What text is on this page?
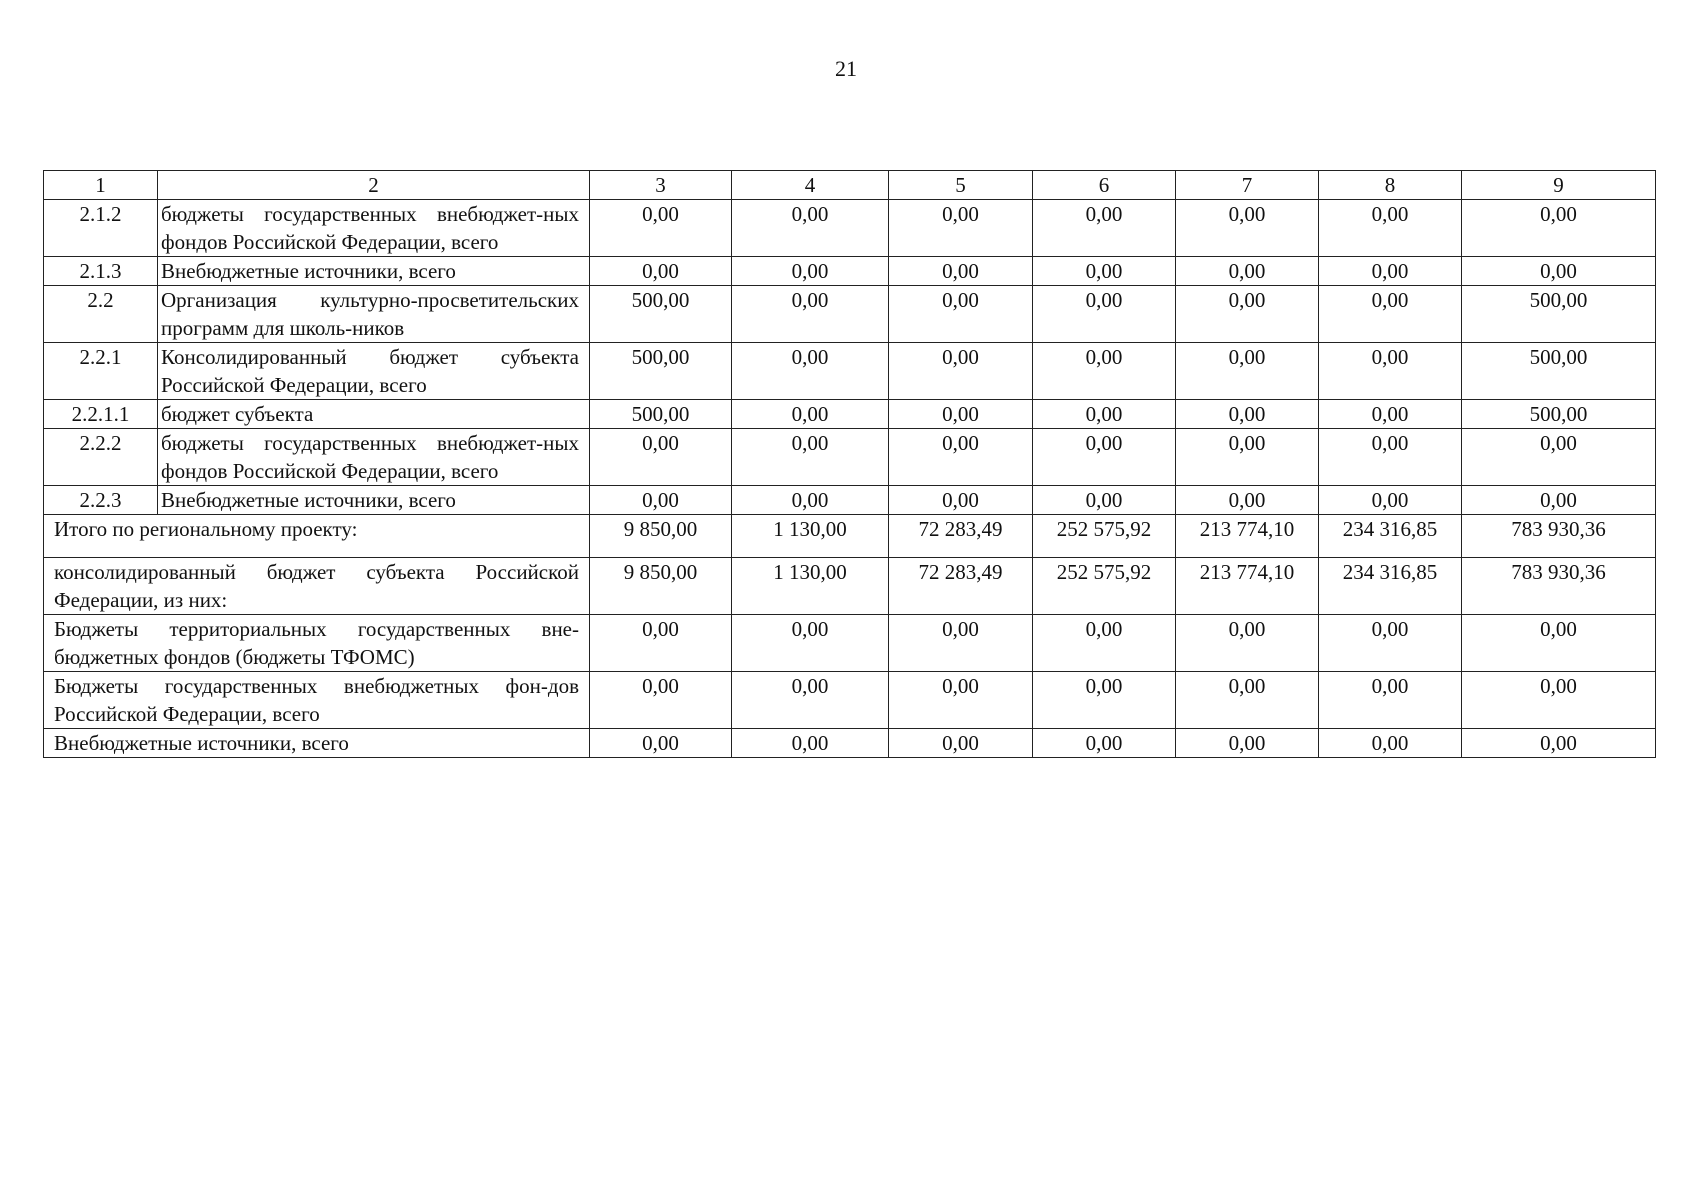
21
1	2	3	4	5	6	7	8	9
2.1.2	бюджеты государственных внебюджет-ных фондов Российской Федерации, всего	0,00	0,00	0,00	0,00	0,00	0,00	0,00
2.1.3	Внебюджетные источники, всего	0,00	0,00	0,00	0,00	0,00	0,00	0,00
2.2	Организация культурно-просветительских программ для школь-ников	500,00	0,00	0,00	0,00	0,00	0,00	500,00
2.2.1	Консолидированный бюджет субъекта Российской Федерации, всего	500,00	0,00	0,00	0,00	0,00	0,00	500,00
2.2.1.1	бюджет субъекта	500,00	0,00	0,00	0,00	0,00	0,00	500,00
2.2.2	бюджеты государственных внебюджет-ных фондов Российской Федерации, всего	0,00	0,00	0,00	0,00	0,00	0,00	0,00
2.2.3	Внебюджетные источники, всего	0,00	0,00	0,00	0,00	0,00	0,00	0,00
Итого по региональному проекту:		9 850,00	1 130,00	72 283,49	252 575,92	213 774,10	234 316,85	783 930,36
консолидированный бюджет субъекта Российской Федерации, из них:		9 850,00	1 130,00	72 283,49	252 575,92	213 774,10	234 316,85	783 930,36
Бюджеты территориальных государственных вне-бюджетных фондов (бюджеты ТФОМС)		0,00	0,00	0,00	0,00	0,00	0,00	0,00
Бюджеты государственных внебюджетных фон-дов Российской Федерации, всего		0,00	0,00	0,00	0,00	0,00	0,00	0,00
Внебюджетные источники, всего		0,00	0,00	0,00	0,00	0,00	0,00	0,00
